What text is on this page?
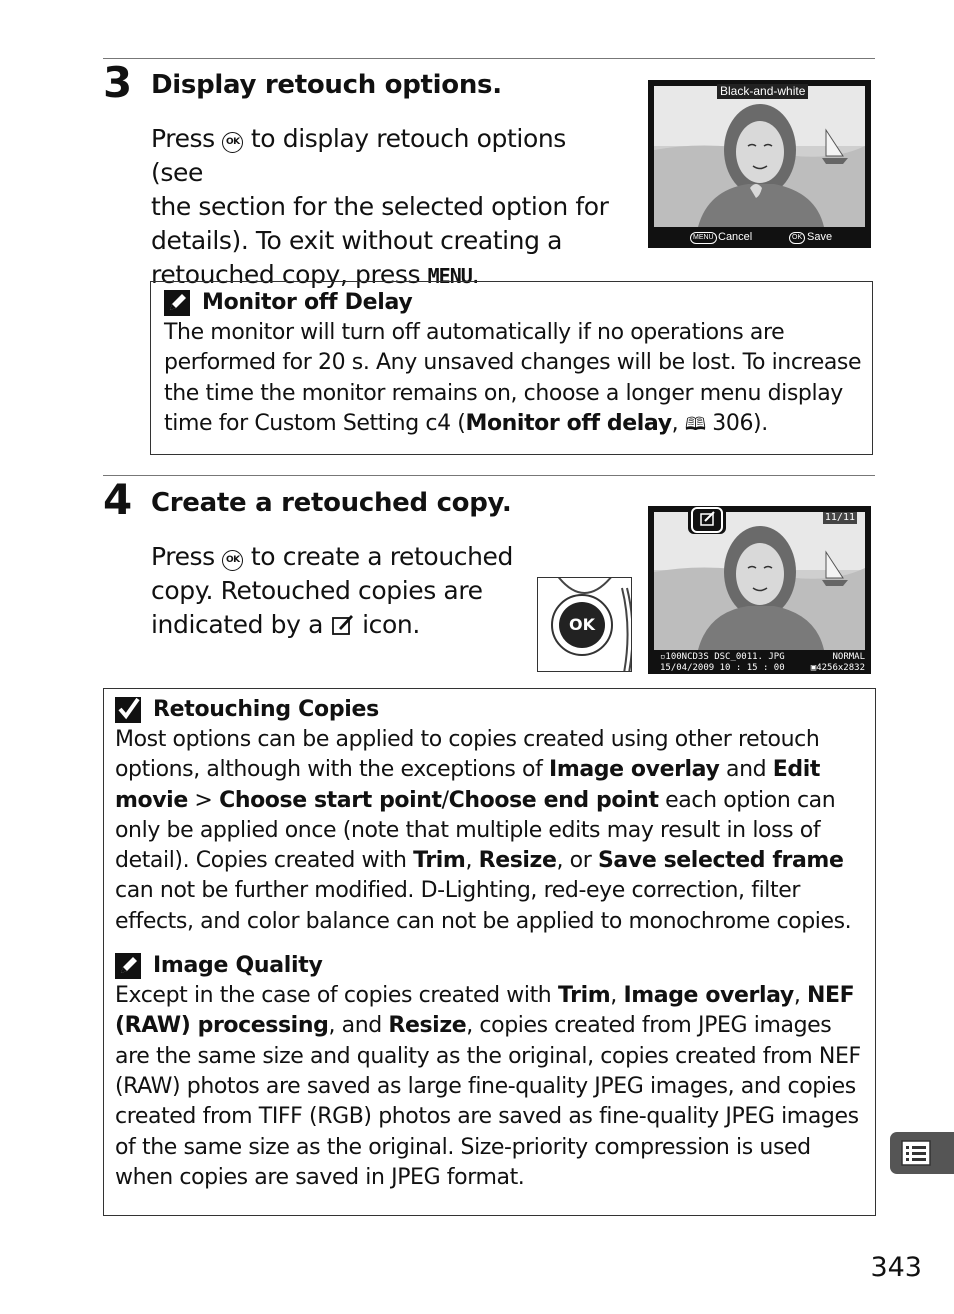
3 Display retouch options.
Press OK to display retouch options (see
the section for the selected option for
details). To exit without creating a
retouched copy, press MENU.
Black-and-white
MENU Cancel	OK Save
Monitor off Delay

The monitor will turn off automatically if no operations are performed for 20 s. Any unsaved changes will be lost. To increase the time the monitor remains on, choose a longer menu display time for Custom Setting c4 (Monitor off delay, 🕮 306).

4 Create a retouched copy.
Press OK to create a retouched
copy. Retouched copies are
indicated by a  icon.	OK
11/11
▫100NCD3S DSC_0011. JPG	NORMAL
15/04/2009 10 : 15 : 00	▣4256x2832
Retouching Copies

Most options can be applied to copies created using other retouch options, although with the exceptions of Image overlay and Edit movie > Choose start point/Choose end point each option can only be applied once (note that multiple edits may result in loss of detail). Copies created with Trim, Resize, or Save selected frame can not be further modified. D-Lighting, red-eye correction, filter effects, and color balance can not be applied to monochrome copies.

Image Quality

Except in the case of copies created with Trim, Image overlay, NEF (RAW) processing, and Resize, copies created from JPEG images are the same size and quality as the original, copies created from NEF (RAW) photos are saved as large fine-quality JPEG images, and copies created from TIFF (RGB) photos are saved as fine-quality JPEG images of the same size as the original. Size-priority compression is used when copies are saved in JPEG format.

343
